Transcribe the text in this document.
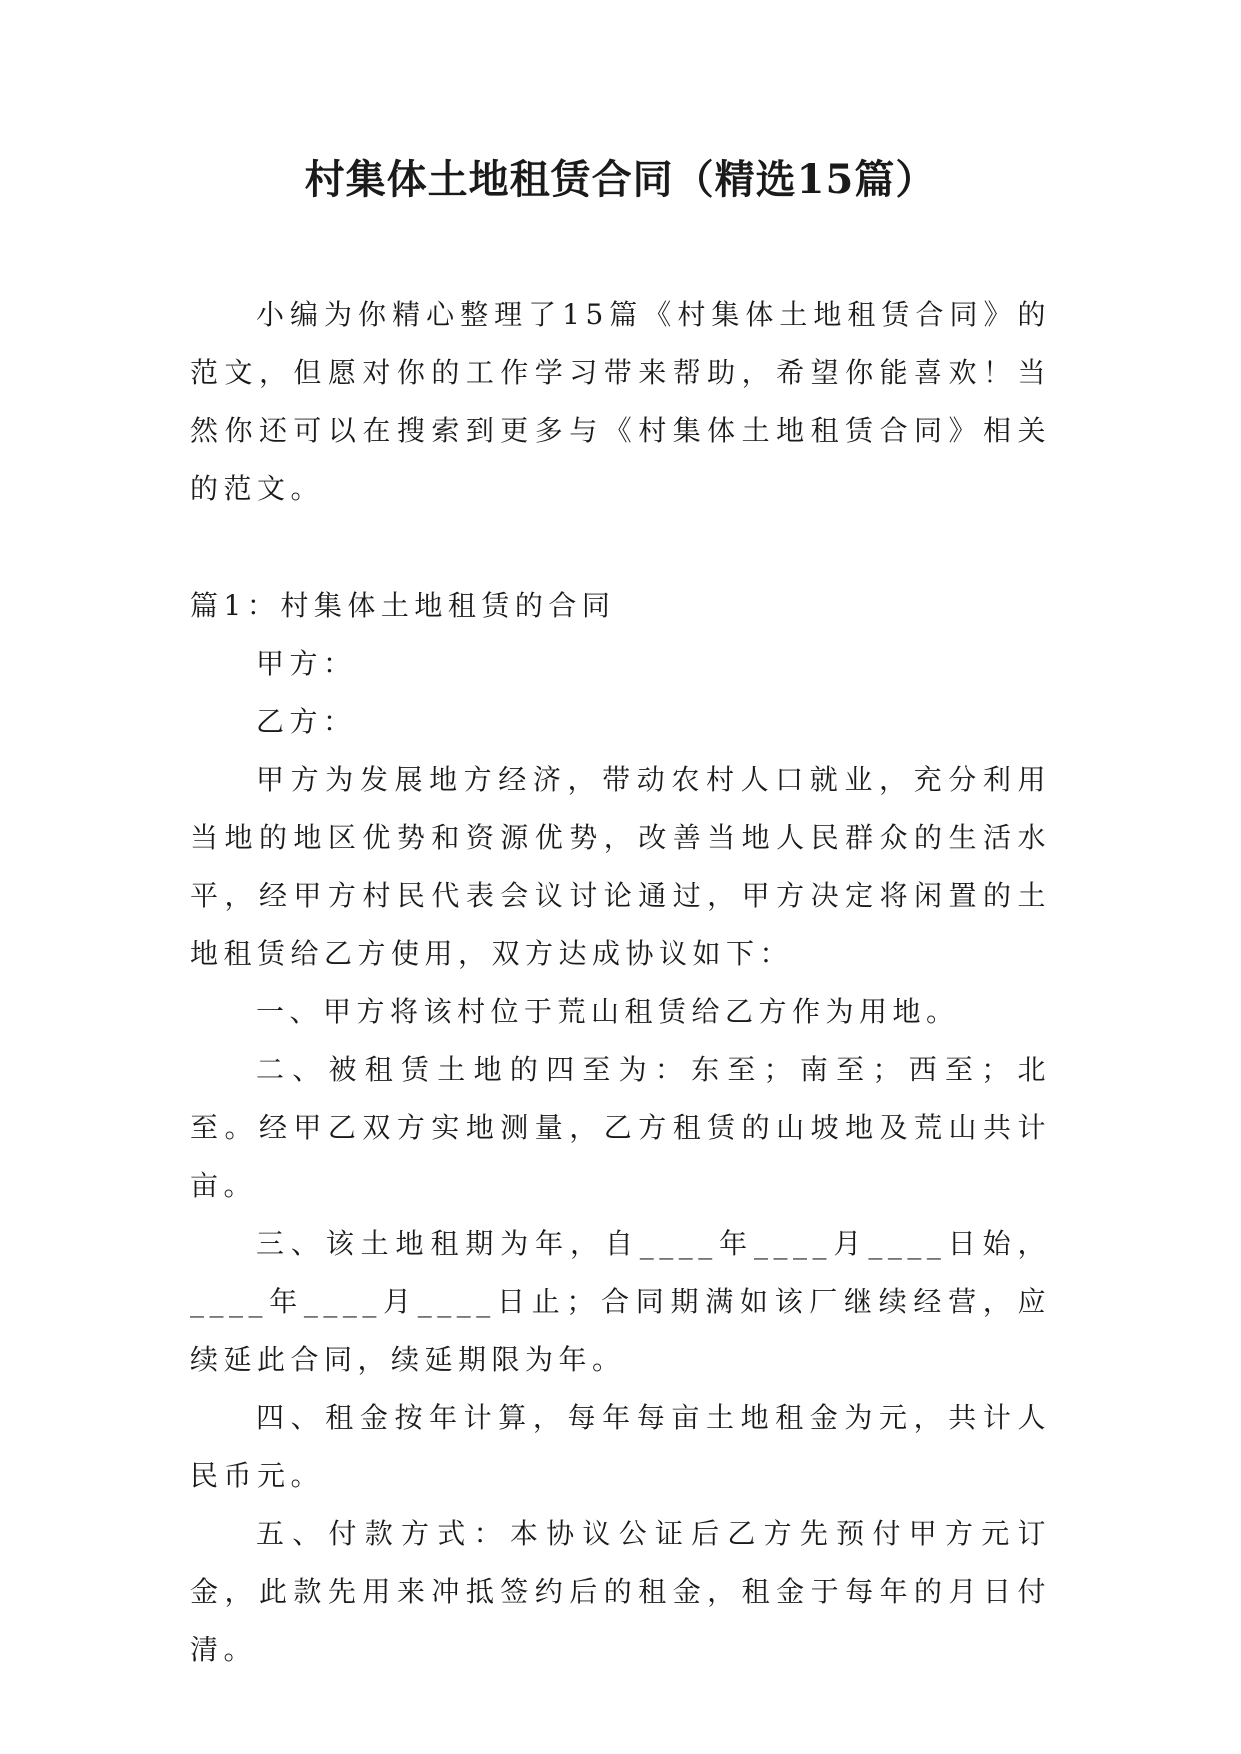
村集体土地租赁合同（精选15篇）

小编为你精心整理了15篇《村集体土地租赁合同》的范文，但愿对你的工作学习带来帮助，希望你能喜欢！当然你还可以在搜索到更多与《村集体土地租赁合同》相关的范文。

篇1：村集体土地租赁的合同

甲方：

乙方：

甲方为发展地方经济，带动农村人口就业，充分利用当地的地区优势和资源优势，改善当地人民群众的生活水平，经甲方村民代表会议讨论通过，甲方决定将闲置的土地租赁给乙方使用，双方达成协议如下：

一、甲方将该村位于荒山租赁给乙方作为用地。

二、被租赁土地的四至为：东至；南至；西至；北至。经甲乙双方实地测量，乙方租赁的山坡地及荒山共计亩。

三、该土地租期为年，自____年____月____日始，____年____月____日止；合同期满如该厂继续经营，应续延此合同，续延期限为年。

四、租金按年计算，每年每亩土地租金为元，共计人民币元。

五、付款方式：本协议公证后乙方先预付甲方元订金，此款先用来冲抵签约后的租金，租金于每年的月日付清。
